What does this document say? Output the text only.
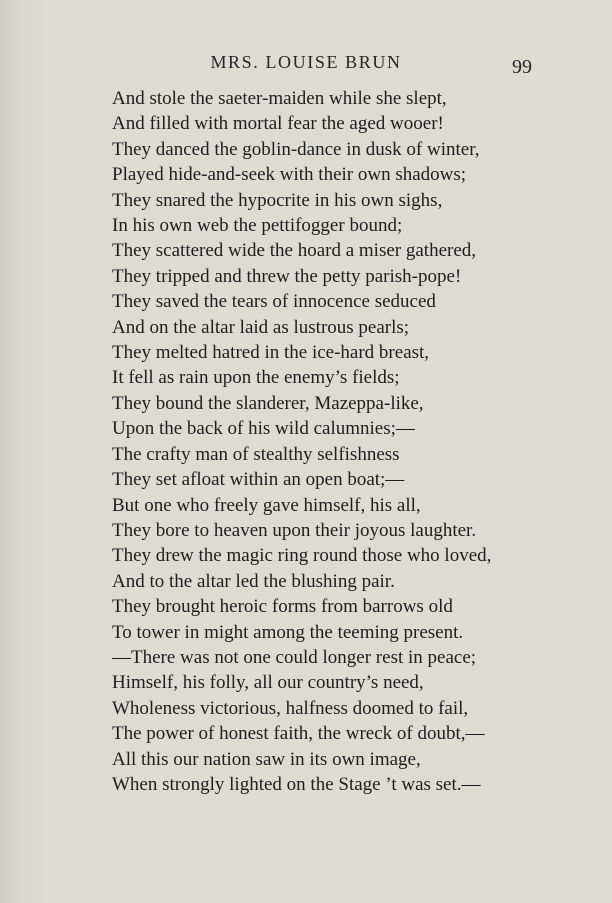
MRS. LOUISE BRUN	99
And stole the saeter-maiden while she slept,
And filled with mortal fear the aged wooer!
They danced the goblin-dance in dusk of winter,
Played hide-and-seek with their own shadows;
They snared the hypocrite in his own sighs,
In his own web the pettifogger bound;
They scattered wide the hoard a miser gathered,
They tripped and threw the petty parish-pope!
They saved the tears of innocence seduced
And on the altar laid as lustrous pearls;
They melted hatred in the ice-hard breast,
It fell as rain upon the enemy’s fields;
They bound the slanderer, Mazeppa-like,
Upon the back of his wild calumnies;—
The crafty man of stealthy selfishness
They set afloat within an open boat;—
But one who freely gave himself, his all,
They bore to heaven upon their joyous laughter.
They drew the magic ring round those who loved,
And to the altar led the blushing pair.
They brought heroic forms from barrows old
To tower in might among the teeming present.
—There was not one could longer rest in peace;
Himself, his folly, all our country’s need,
Wholeness victorious, halfness doomed to fail,
The power of honest faith, the wreck of doubt,—
All this our nation saw in its own image,
When strongly lighted on the Stage ’t was set.—
